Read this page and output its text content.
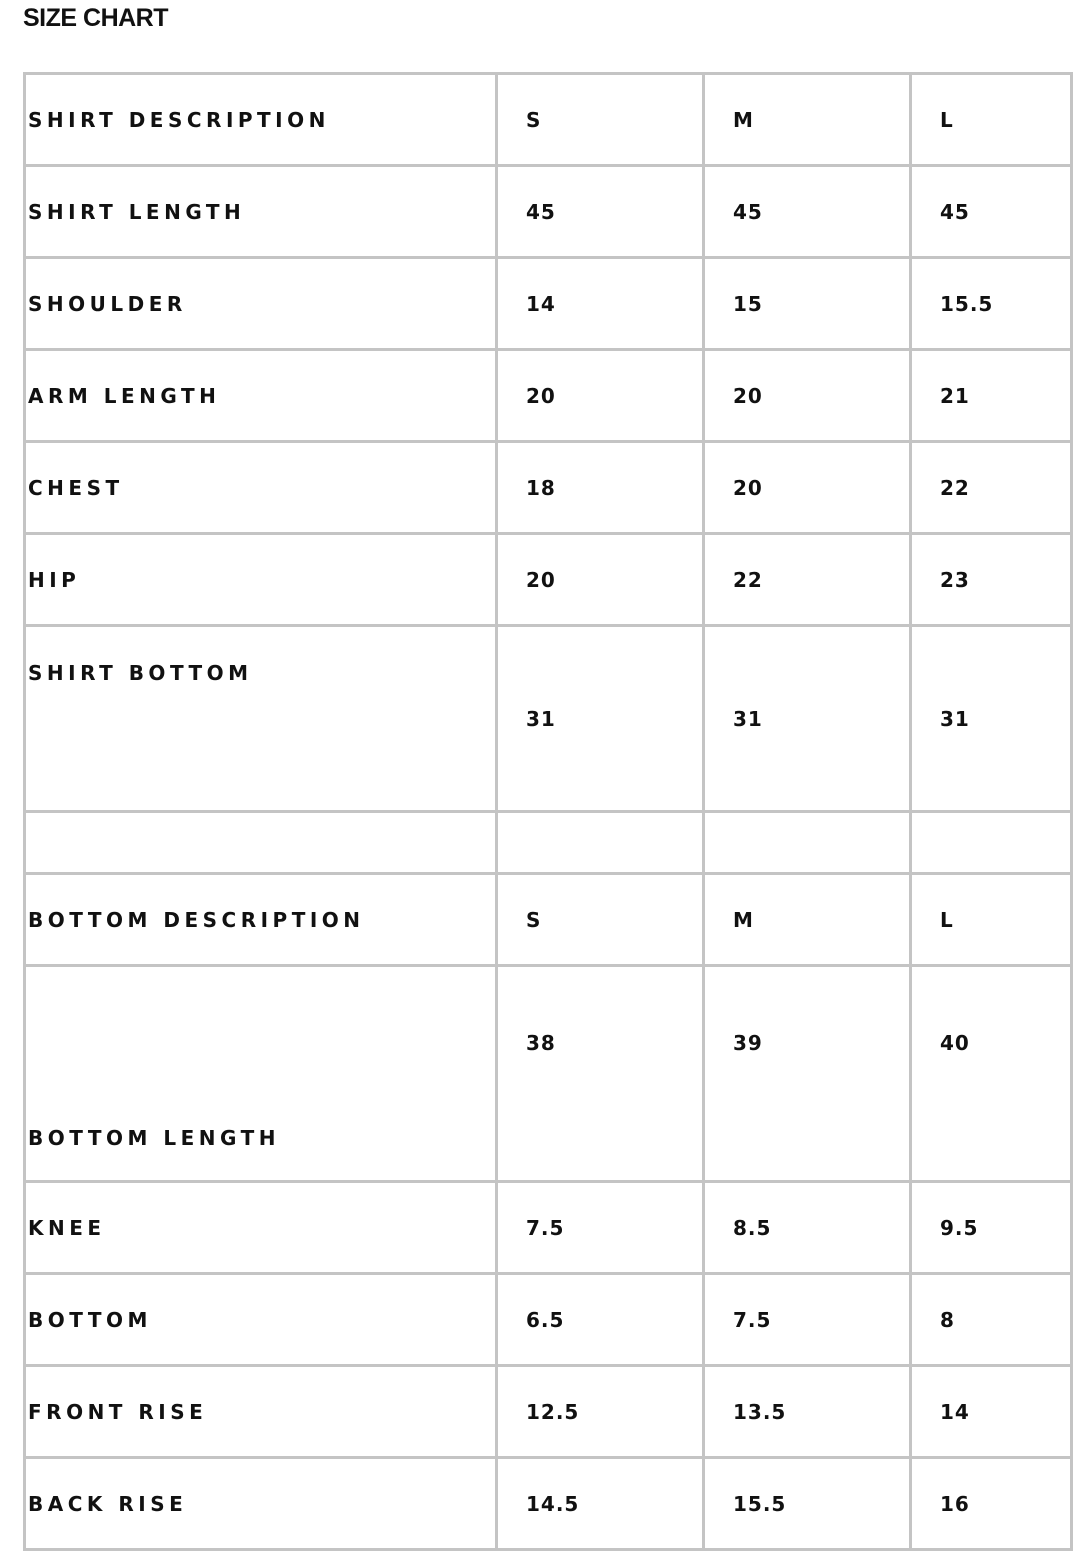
SIZE CHART
SHIRT DESCRIPTION	S	M	L
SHIRT LENGTH	45	45	45
SHOULDER	14	15	15.5
ARM LENGTH	20	20	21
CHEST	18	20	22
HIP	20	22	23
SHIRT BOTTOM	31	31	31

BOTTOM DESCRIPTION	S	M	L
BOTTOM LENGTH	38	39	40
KNEE	7.5	8.5	9.5
BOTTOM	6.5	7.5	8
FRONT RISE	12.5	13.5	14
BACK RISE	14.5	15.5	16
